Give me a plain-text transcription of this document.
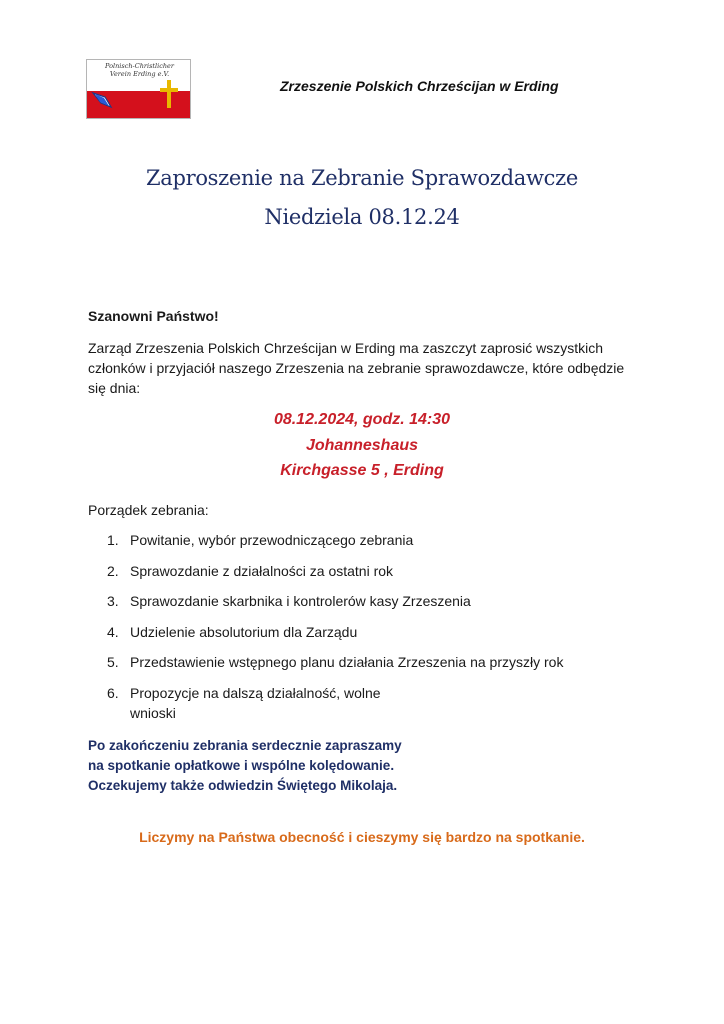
Polnisch-Christlicher
Verein Erding e.V.
Zrzeszenie Polskich Chrześcijan w Erding
Zaproszenie na Zebranie Sprawozdawcze
Niedziela 08.12.24
Szanowni Państwo!
Zarząd Zrzeszenia Polskich Chrześcijan w Erding ma zaszczyt zaprosić wszystkich
członków i przyjaciół naszego Zrzeszenia na zebranie sprawozdawcze, które odbędzie
się dnia:
08.12.2024, godz. 14:30
Johanneshaus
Kirchgasse 5 , Erding
Porządek zebrania:
1. Powitanie, wybór przewodniczącego zebrania
2. Sprawozdanie z działalności za ostatni rok
3. Sprawozdanie skarbnika i kontrolerów kasy Zrzeszenia
4. Udzielenie absolutorium dla Zarządu
5. Przedstawienie wstępnego planu działania Zrzeszenia na przyszły rok
6. Propozycje na dalszą działalność, wolne wnioski
Po zakończeniu zebrania serdecznie zapraszamy
na spotkanie opłatkowe i wspólne kolędowanie.
Oczekujemy także odwiedzin Świętego Mikolaja.
Liczymy na Państwa obecność i cieszymy się bardzo na spotkanie.
